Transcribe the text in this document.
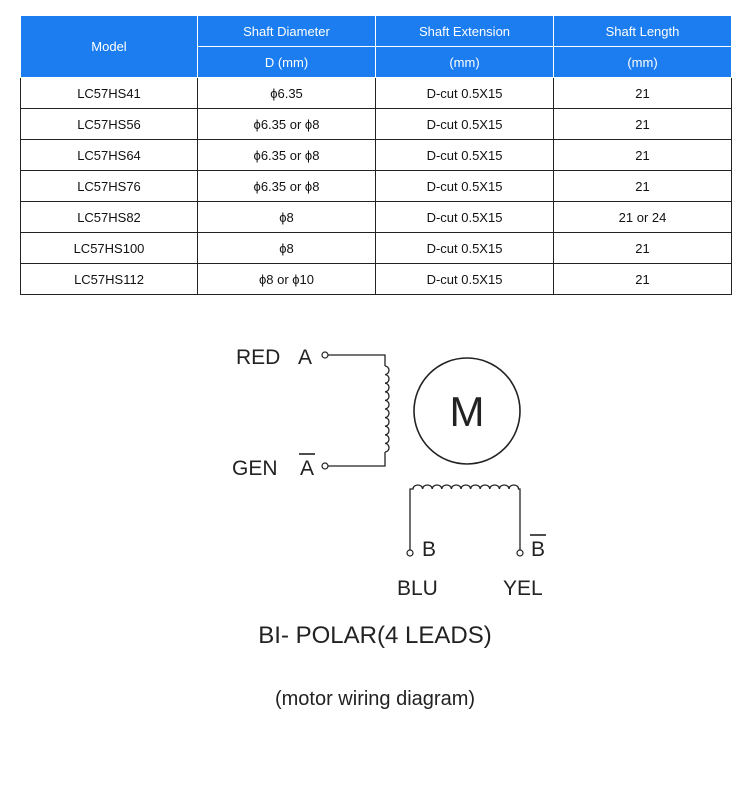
Model	Shaft Diameter	Shaft Extension	Shaft Length
	D (mm)	(mm)	(mm)
LC57HS41	ϕ6.35	D-cut 0.5X15	21
LC57HS56	ϕ6.35 or ϕ8	D-cut 0.5X15	21
LC57HS64	ϕ6.35 or ϕ8	D-cut 0.5X15	21
LC57HS76	ϕ6.35 or ϕ8	D-cut 0.5X15	21
LC57HS82	ϕ8	D-cut 0.5X15	21 or 24
LC57HS100	ϕ8	D-cut 0.5X15	21
LC57HS112	ϕ8 or ϕ10	D-cut 0.5X15	21
RED A
GEN A
M
B	B
BLU	YEL
BI- POLAR(4 LEADS)
(motor wiring diagram)
